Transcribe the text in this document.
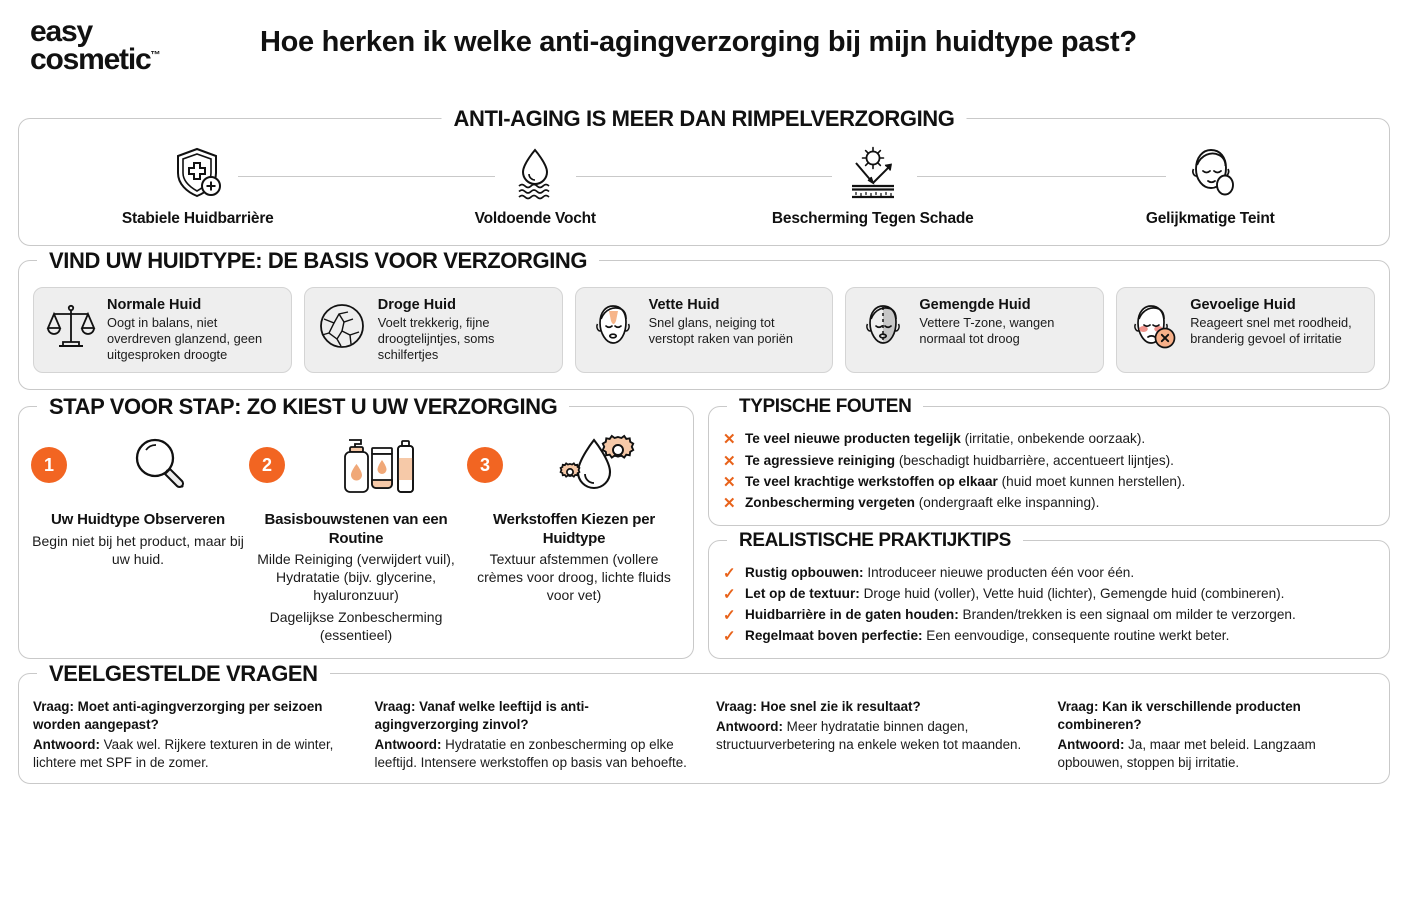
easy
cosmetic™	Hoe herken ik welke anti-agingverzorging bij mijn huidtype past?
ANTI-AGING IS MEER DAN RIMPELVERZORGING
Stabiele Huidbarrière	Voldoende Vocht	Bescherming Tegen Schade	Gelijkmatige Teint
VIND UW HUIDTYPE: DE BASIS VOOR VERZORGING
Normale Huid
Oogt in balans, niet overdreven glanzend, geen uitgesproken droogte
Droge Huid
Voelt trekkerig, fijne droogtelijntjes, soms schilfertjes
Vette Huid
Snel glans, neiging tot verstopt raken van poriën
Gemengde Huid
Vettere T-zone, wangen normaal tot droog
Gevoelige Huid
Reageert snel met roodheid, branderig gevoel of irritatie
STAP VOOR STAP: ZO KIEST U UW VERZORGING
1
Uw Huidtype Observeren
Begin niet bij het product, maar bij uw huid.
2
Basisbouwstenen van een Routine
Milde Reiniging (verwijdert vuil), Hydratatie (bijv. glycerine, hyaluronzuur)
Dagelijkse Zonbescherming (essentieel)
3
Werkstoffen Kiezen per Huidtype
Textuur afstemmen (vollere crèmes voor droog, lichte fluids voor vet)
TYPISCHE FOUTEN
✕ Te veel nieuwe producten tegelijk (irritatie, onbekende oorzaak).
✕ Te agressieve reiniging (beschadigt huidbarrière, accentueert lijntjes).
✕ Te veel krachtige werkstoffen op elkaar (huid moet kunnen herstellen).
✕ Zonbescherming vergeten (ondergraaft elke inspanning).
REALISTISCHE PRAKTIJKTIPS
✓ Rustig opbouwen: Introduceer nieuwe producten één voor één.
✓ Let op de textuur: Droge huid (voller), Vette huid (lichter), Gemengde huid (combineren).
✓ Huidbarrière in de gaten houden: Branden/trekken is een signaal om milder te verzorgen.
✓ Regelmaat boven perfectie: Een eenvoudige, consequente routine werkt beter.
VEELGESTELDE VRAGEN
Vraag: Moet anti-agingverzorging per seizoen worden aangepast?
Antwoord: Vaak wel. Rijkere texturen in de winter, lichtere met SPF in de zomer.
Vraag: Vanaf welke leeftijd is anti-agingverzorging zinvol?
Antwoord: Hydratatie en zonbescherming op elke leeftijd. Intensere werkstoffen op basis van behoefte.
Vraag: Hoe snel zie ik resultaat?
Antwoord: Meer hydratatie binnen dagen, structuurverbetering na enkele weken tot maanden.
Vraag: Kan ik verschillende producten combineren?
Antwoord: Ja, maar met beleid. Langzaam opbouwen, stoppen bij irritatie.
